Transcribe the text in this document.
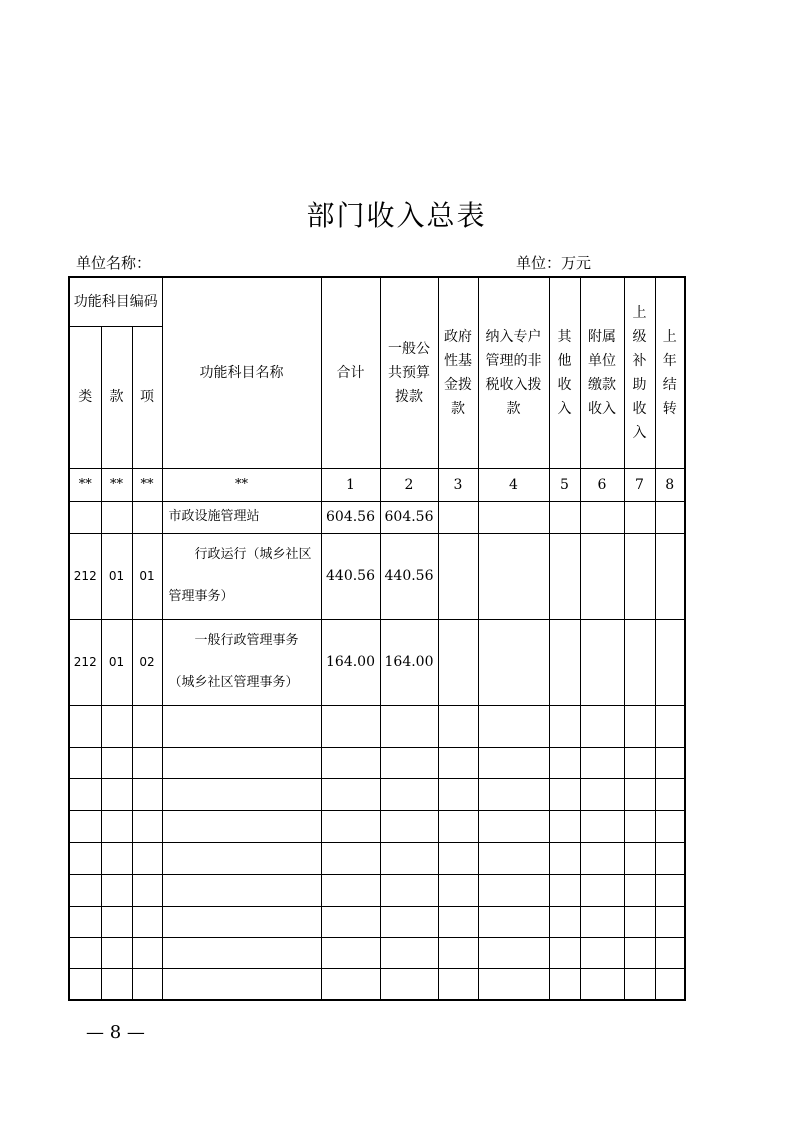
部门收入总表
单位名称：	单位：万元
功能科目编码			功能科目名称	合计	一般公共预算拨款	政府性基金拨款	纳入专户管理的非税收入拨款	其他收入	附属单位缴款收入	上级补助收入	上年结转
类	款	项									
**	**	**	**	1	2	3	4	5	6	7	8
			市政设施管理站	604.56	604.56						
212	01	01	行政运行（城乡社区
管理事务）	440.56	440.56						
212	01	02	一般行政管理事务
（城乡社区管理事务）	164.00	164.00						

— 8 —
